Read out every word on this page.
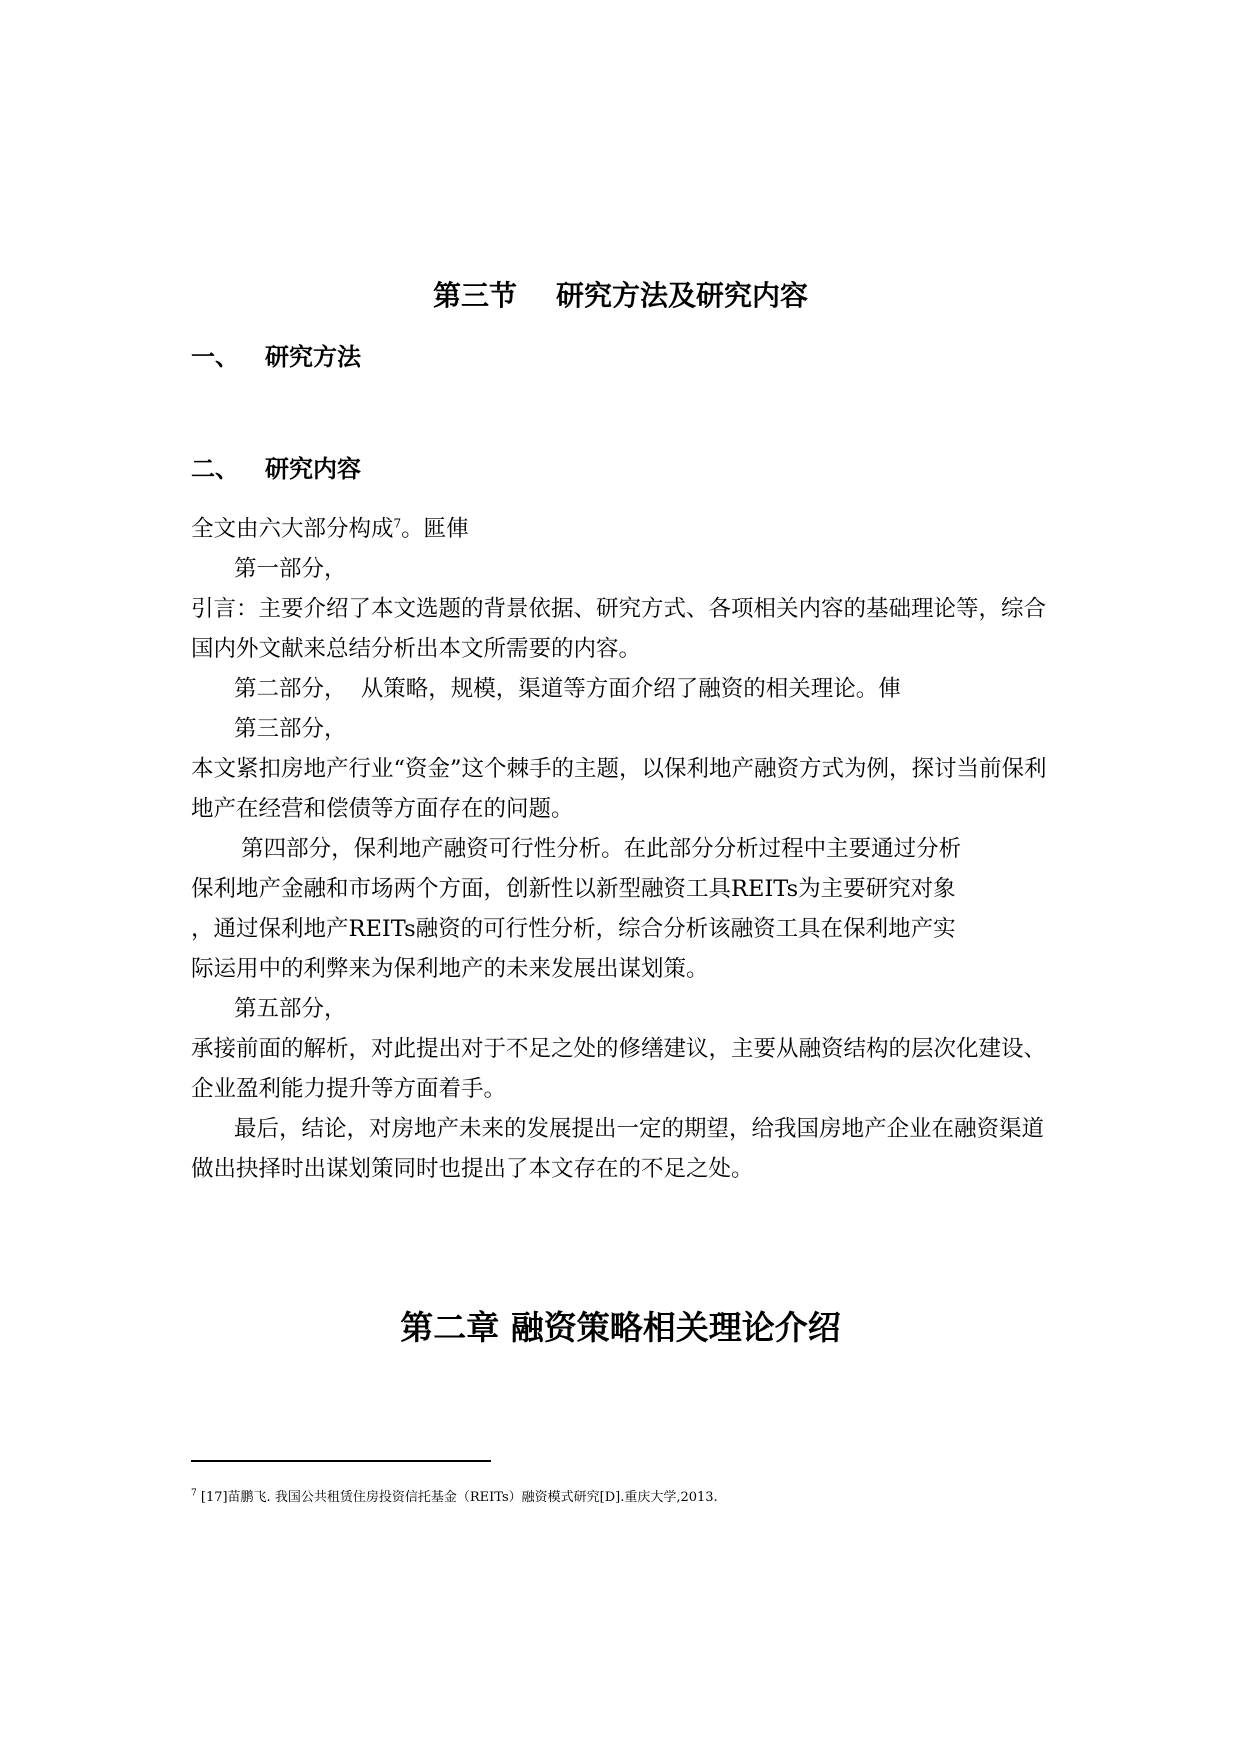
第三节    研究方法及研究内容
一、 研究方法
二、 研究内容

全文由六大部分构成$^7$。匨俥

第一部分，

引言：主要介绍了本文选题的背景依据、研究方式、各项相关内容的基础理论等，综合国内外文献来总结分析出本文所需要的内容。

第二部分，  从策略，规模，渠道等方面介绍了融资的相关理论。俥

第三部分，

本文紧扣房地产行业“资金”这个棘手的主题，以保利地产融资方式为例，探讨当前保利地产在经营和偿债等方面存在的问题。

第四部分，保利地产融资可行性分析。在此部分分析过程中主要通过分析

保利地产金融和市场两个方面，创新性以新型融资工具REITs为主要研究对象

，通过保利地产REITs融资的可行性分析，综合分析该融资工具在保利地产实

际运用中的利弊来为保利地产的未来发展出谋划策。

第五部分，

承接前面的解析，对此提出对于不足之处的修缮建议，主要从融资结构的层次化建设、企业盈利能力提升等方面着手。

最后，结论，对房地产未来的发展提出一定的期望，给我国房地产企业在融资渠道做出抉择时出谋划策同时也提出了本文存在的不足之处。

第二章 融资策略相关理论介绍
$^7$ [17]苗鹏飞. 我国公共租赁住房投资信托基金（REITs）融资模式研究[D].重庆大学,2013.
